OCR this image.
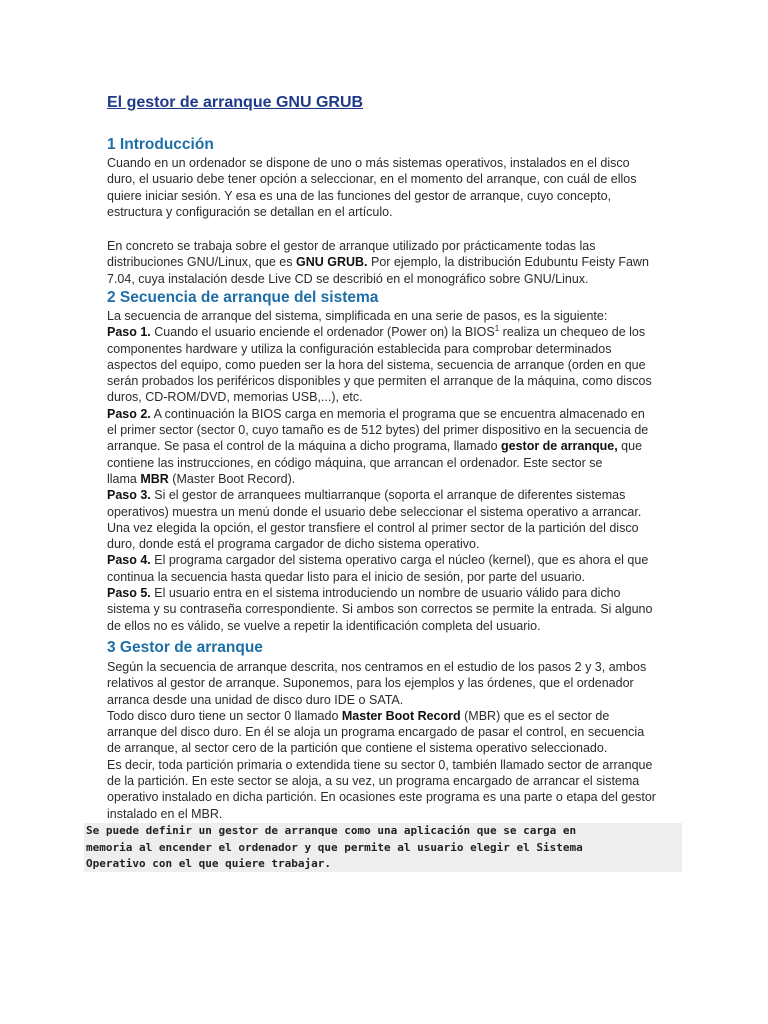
El gestor de arranque GNU GRUB
1 Introducción
Cuando en un ordenador se dispone de uno o más sistemas operativos, instalados en el disco
duro, el usuario debe tener opción a seleccionar, en el momento del arranque, con cuál de ellos
quiere iniciar sesión. Y esa es una de las funciones del gestor de arranque, cuyo concepto,
estructura y configuración se detallan en el artículo.
En concreto se trabaja sobre el gestor de arranque utilizado por prácticamente todas las
distribuciones GNU/Linux, que es GNU GRUB. Por ejemplo, la distribución Edubuntu Feisty Fawn
7.04, cuya instalación desde Live CD se describió en el monográfico sobre GNU/Linux.
2 Secuencia de arranque del sistema
La secuencia de arranque del sistema, simplificada en una serie de pasos, es la siguiente:
Paso 1. Cuando el usuario enciende el ordenador (Power on) la BIOS$^1$ realiza un chequeo de los
componentes hardware y utiliza la configuración establecida para comprobar determinados
aspectos del equipo, como pueden ser la hora del sistema, secuencia de arranque (orden en que
serán probados los periféricos disponibles y que permiten el arranque de la máquina, como discos
duros, CD-ROM/DVD, memorias USB,...), etc.
Paso 2. A continuación la BIOS carga en memoria el programa que se encuentra almacenado en
el primer sector (sector 0, cuyo tamaño es de 512 bytes) del primer dispositivo en la secuencia de
arranque. Se pasa el control de la máquina a dicho programa, llamado gestor de arranque, que
contiene las instrucciones, en código máquina, que arrancan el ordenador. Este sector se
llama MBR (Master Boot Record).
Paso 3. Si el gestor de arranquees multiarranque (soporta el arranque de diferentes sistemas
operativos) muestra un menú donde el usuario debe seleccionar el sistema operativo a arrancar.
Una vez elegida la opción, el gestor transfiere el control al primer sector de la partición del disco
duro, donde está el programa cargador de dicho sistema operativo.
Paso 4. El programa cargador del sistema operativo carga el núcleo (kernel), que es ahora el que
continua la secuencia hasta quedar listo para el inicio de sesión, por parte del usuario.
Paso 5. El usuario entra en el sistema introduciendo un nombre de usuario válido para dicho
sistema y su contraseña correspondiente. Si ambos son correctos se permite la entrada. Si alguno
de ellos no es válido, se vuelve a repetir la identificación completa del usuario.
3 Gestor de arranque
Según la secuencia de arranque descrita, nos centramos en el estudio de los pasos 2 y 3, ambos
relativos al gestor de arranque. Suponemos, para los ejemplos y las órdenes, que el ordenador
arranca desde una unidad de disco duro IDE o SATA.
Todo disco duro tiene un sector 0 llamado Master Boot Record (MBR) que es el sector de
arranque del disco duro. En él se aloja un programa encargado de pasar el control, en secuencia
de arranque, al sector cero de la partición que contiene el sistema operativo seleccionado.
Es decir, toda partición primaria o extendida tiene su sector 0, también llamado sector de arranque
de la partición. En este sector se aloja, a su vez, un programa encargado de arrancar el sistema
operativo instalado en dicha partición. En ocasiones este programa es una parte o etapa del gestor
instalado en el MBR.
Se puede definir un gestor de arranque como una aplicación que se carga en
memoria al encender el ordenador y que permite al usuario elegir el Sistema
Operativo con el que quiere trabajar.
